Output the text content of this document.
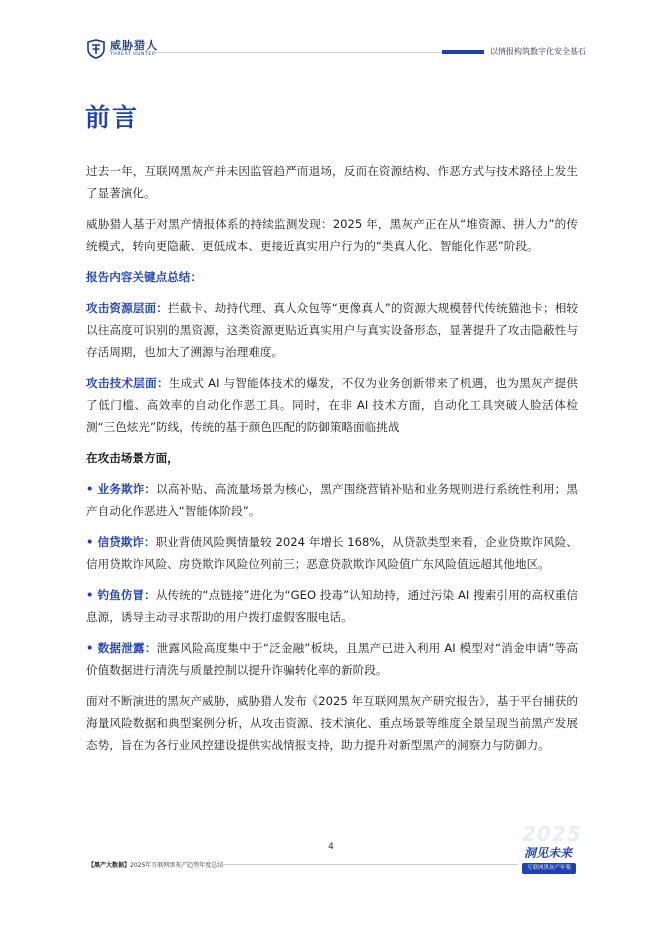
威胁猎人
THREAT HUNTER	以情报构筑数字化安全基石
前言

过去一年，互联网黑灰产并未因监管趋严而退场，反而在资源结构、作恶方式与技术路径上发生了显著演化。

威胁猎人基于对黑产情报体系的持续监测发现：2025 年，黑灰产正在从“堆资源、拼人力”的传统模式，转向更隐蔽、更低成本、更接近真实用户行为的“类真人化、智能化作恶”阶段。

报告内容关键点总结：

攻击资源层面：拦截卡、劫持代理、真人众包等“更像真人”的资源大规模替代传统猫池卡；相较以往高度可识别的黑资源，这类资源更贴近真实用户与真实设备形态，显著提升了攻击隐蔽性与存活周期，也加大了溯源与治理难度。

攻击技术层面：生成式 AI 与智能体技术的爆发，不仅为业务创新带来了机遇，也为黑灰产提供了低门槛、高效率的自动化作恶工具。同时，在非 AI 技术方面，自动化工具突破人脸活体检测“三色炫光”防线，传统的基于颜色匹配的防御策略面临挑战

在攻击场景方面，

• 业务欺诈：以高补贴、高流量场景为核心，黑产围绕营销补贴和业务规则进行系统性利用；黑产自动化作恶进入“智能体阶段”。

• 信贷欺诈：职业背债风险舆情量较 2024 年增长 168%，从贷款类型来看，企业贷欺诈风险、信用贷欺诈风险、房贷欺诈风险位列前三；恶意贷款欺诈风险值广东风险值远超其他地区。

• 钓鱼仿冒：从传统的“点链接”进化为“GEO 投毒”认知劫持，通过污染 AI 搜索引用的高权重信息源，诱导主动寻求帮助的用户拨打虚假客服电话。

• 数据泄露：泄露风险高度集中于“泛金融”板块，且黑产已进入利用 AI 模型对“消金申请”等高价值数据进行清洗与质量控制以提升诈骗转化率的新阶段。

面对不断演进的黑灰产威胁，威胁猎人发布《2025 年互联网黑灰产研究报告》，基于平台捕获的海量风险数据和典型案例分析，从攻击资源、技术演化、重点场景等维度全景呈现当前黑产发展态势，旨在为各行业风控建设提供实战情报支持，助力提升对新型黑产的洞察力与防御力。

4
【黑产大数据】2025年互联网黑灰产趋势年度总结
2025
洞见未来
互联网黑灰产年鉴
